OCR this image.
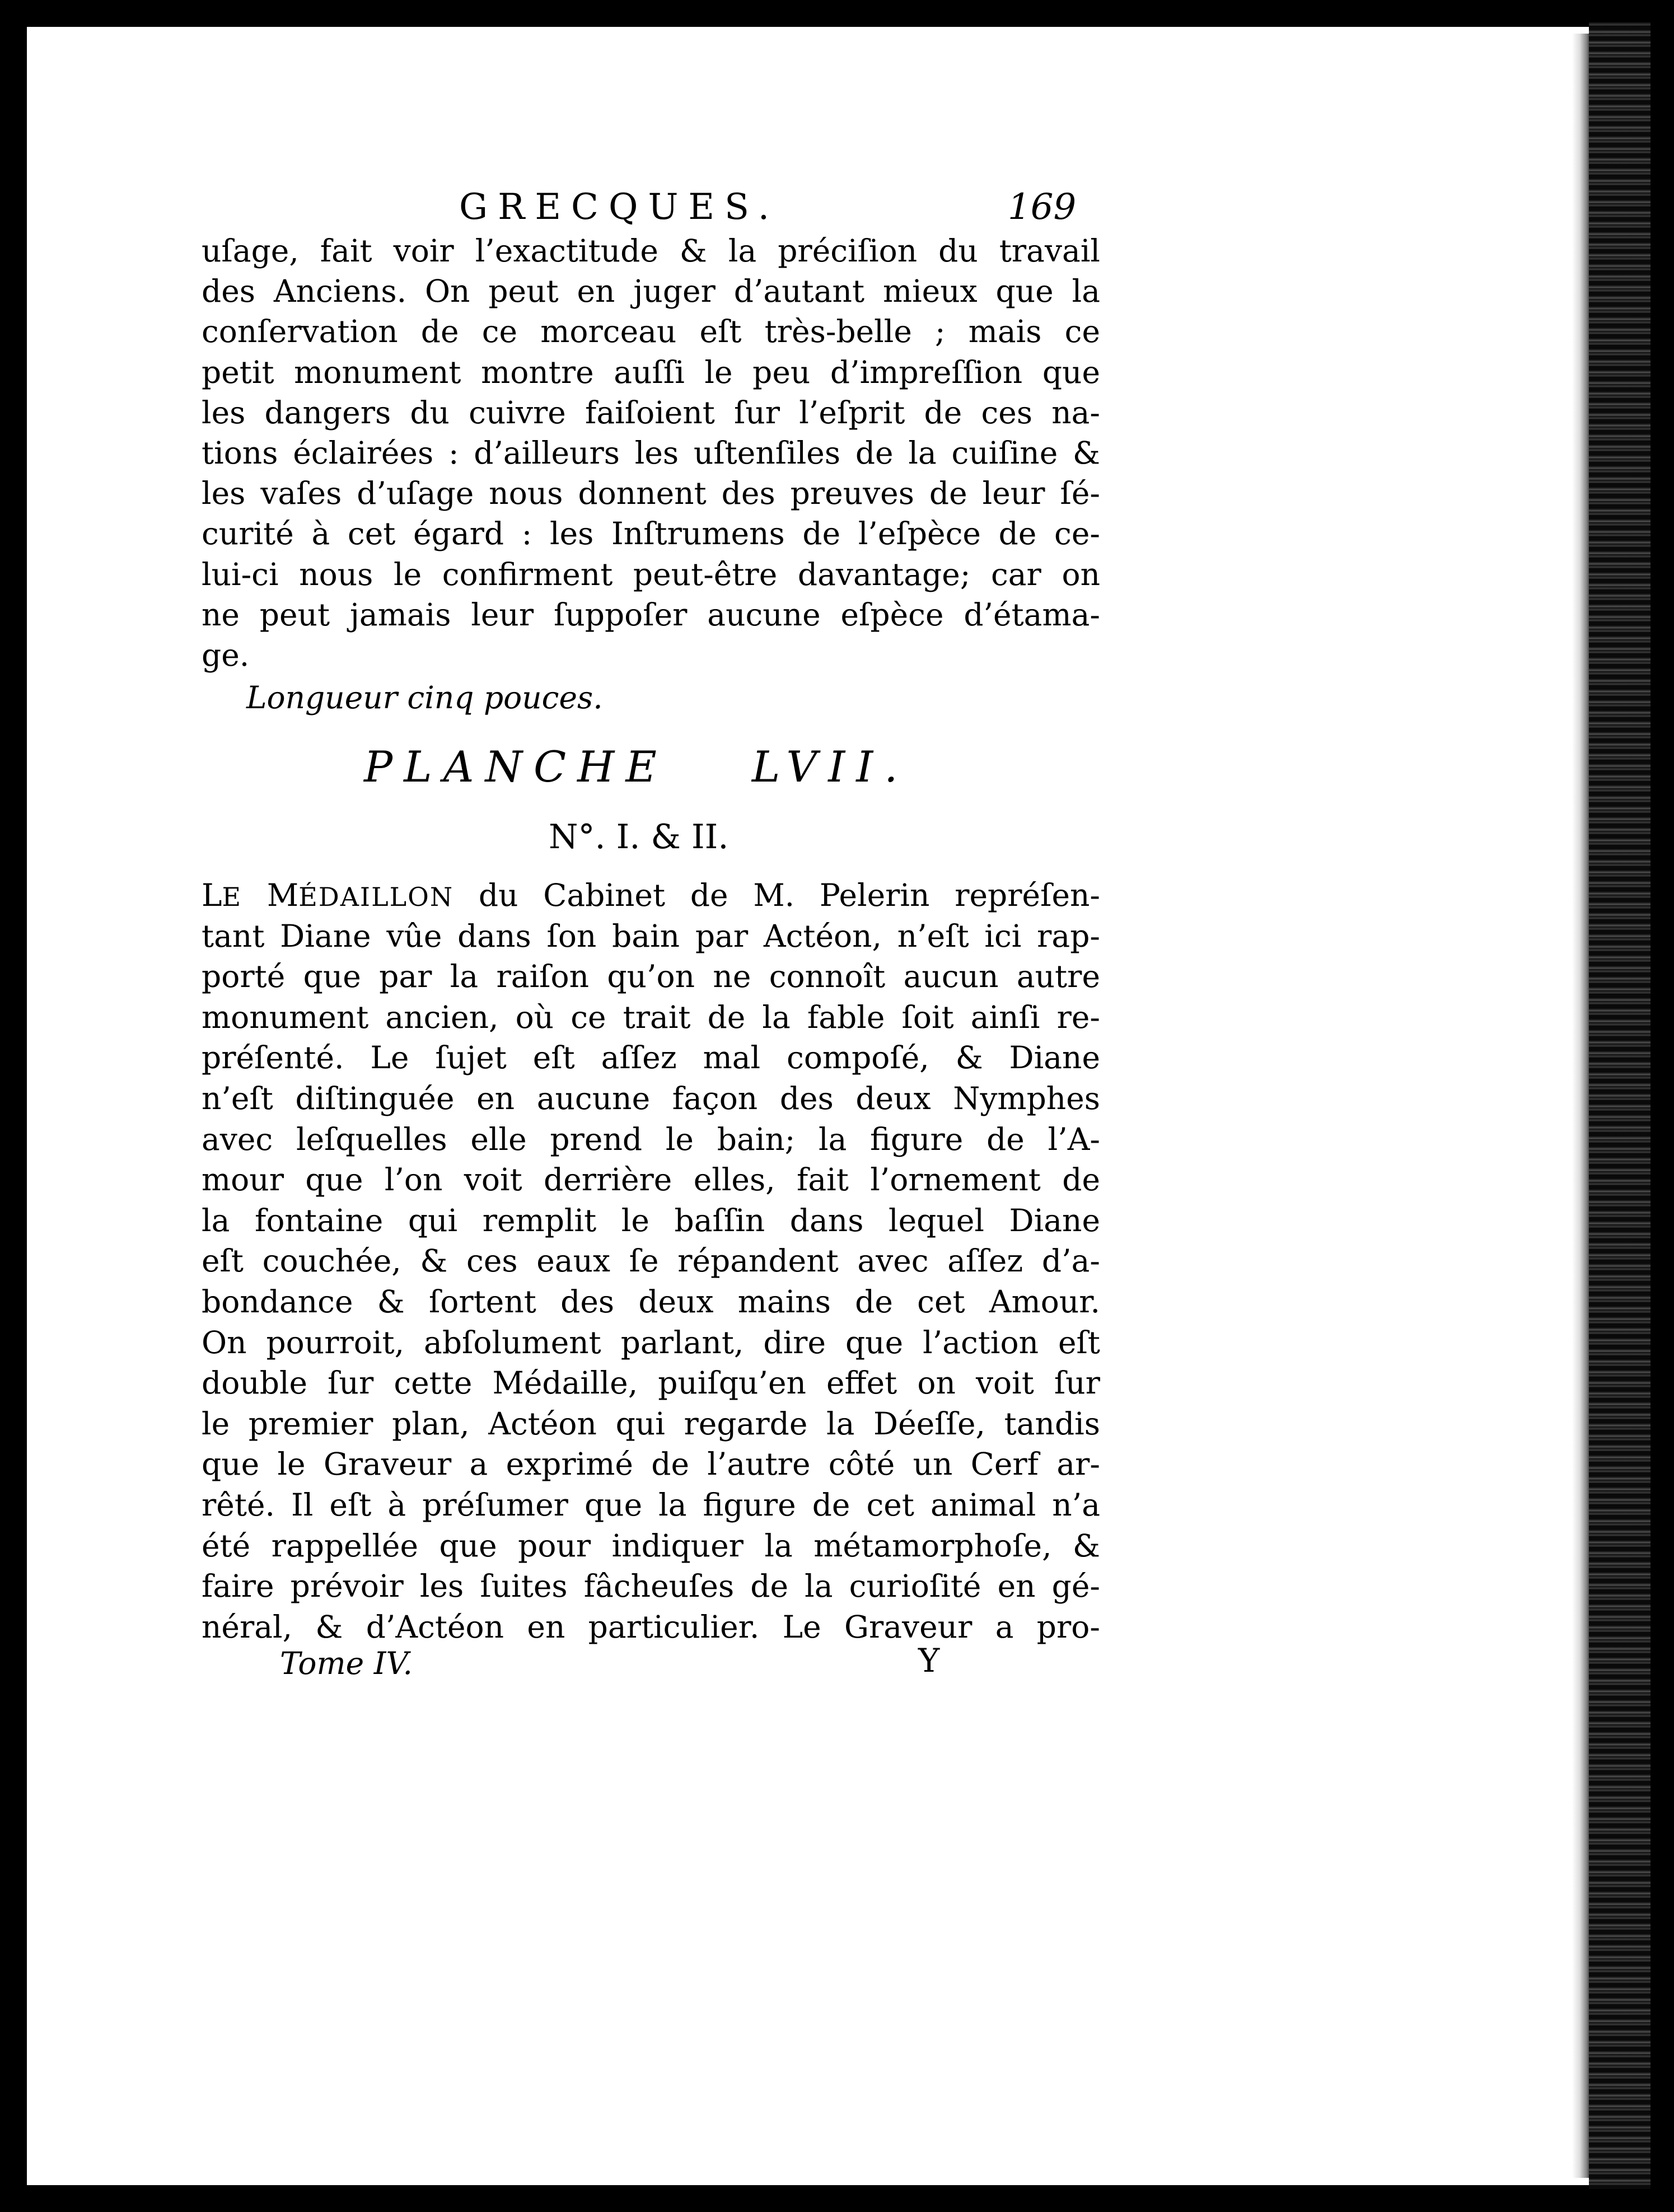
GRECQUES.	169
uſage, fait voir l’exactitude & la préciſion du travail
des Anciens. On peut en juger d’autant mieux que la
conſervation de ce morceau eſt très-belle ; mais ce
petit monument montre auſſi le peu d’impreſſion que
les dangers du cuivre faiſoient ſur l’eſprit de ces na-
tions éclairées : d’ailleurs les uſtenſiles de la cuiſine &
les vaſes d’uſage nous donnent des preuves de leur ſé-
curité à cet égard : les Inſtrumens de l’eſpèce de ce-
lui-ci nous le confirment peut-être davantage; car on
ne peut jamais leur ſuppoſer aucune eſpèce d’étama-
ge.
Longueur cinq pouces.
PLANCHE LVII.
N°. I. & II.
LE MÉDAILLON du Cabinet de M. Pelerin repréſen-
tant Diane vûe dans ſon bain par Actéon, n’eſt ici rap-
porté que par la raiſon qu’on ne connoît aucun autre
monument ancien, où ce trait de la fable ſoit ainſi re-
préſenté. Le ſujet eſt aſſez mal compoſé, & Diane
n’eſt diſtinguée en aucune façon des deux Nymphes
avec leſquelles elle prend le bain; la figure de l’A-
mour que l’on voit derrière elles, fait l’ornement de
la fontaine qui remplit le baſſin dans lequel Diane
eſt couchée, & ces eaux ſe répandent avec aſſez d’a-
bondance & ſortent des deux mains de cet Amour.
On pourroit, abſolument parlant, dire que l’action eſt
double ſur cette Médaille, puiſqu’en effet on voit ſur
le premier plan, Actéon qui regarde la Déeſſe, tandis
que le Graveur a exprimé de l’autre côté un Cerf ar-
rêté. Il eſt à préſumer que la figure de cet animal n’a
été rappellée que pour indiquer la métamorphoſe, &
faire prévoir les ſuites fâcheuſes de la curioſité en gé-
néral, & d’Actéon en particulier. Le Graveur a pro-
Tome IV.	Y
